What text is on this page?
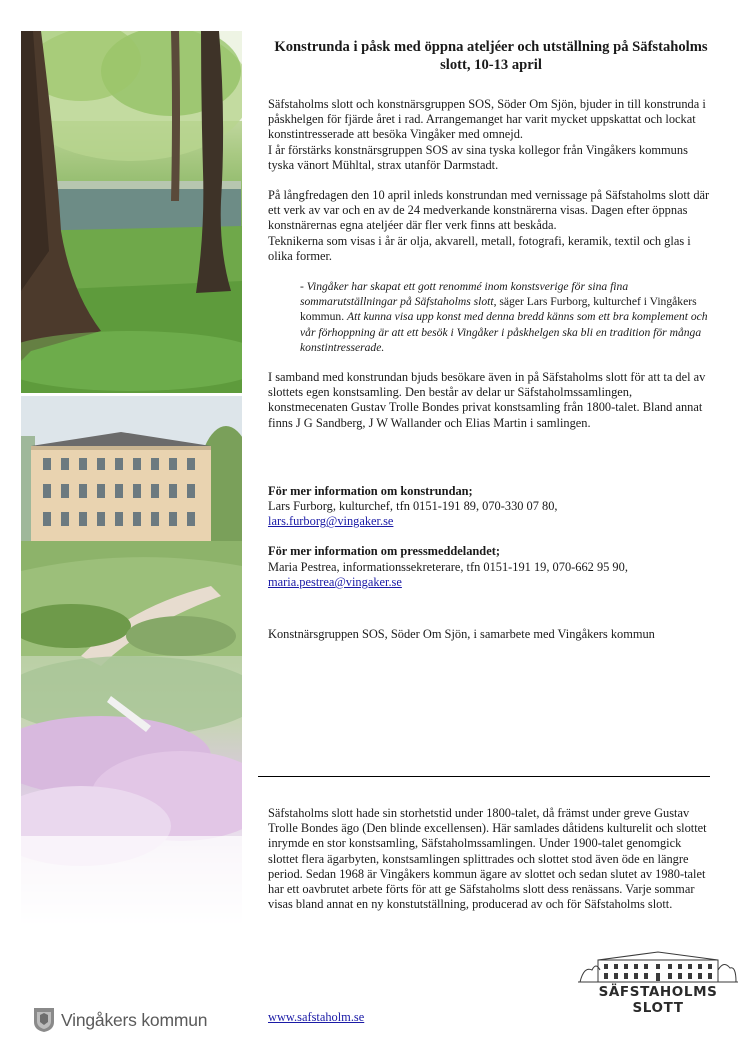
Konstrunda i påsk med öppna ateljéer och utställning på Säfstaholms slott, 10-13 april

Säfstaholms slott och konstnärsgruppen SOS, Söder Om Sjön, bjuder in till konstrunda i påskhelgen för fjärde året i rad. Arrangemanget har varit mycket uppskattat och lockat konstintresserade att besöka Vingåker med omnejd.

I år förstärks konstnärsgruppen SOS av sina tyska kollegor från Vingåkers kommuns tyska vänort Mühltal, strax utanför Darmstadt.

På långfredagen den 10 april inleds konstrundan med vernissage på Säfstaholms slott där ett verk av var och en av de 24 medverkande konstnärerna visas. Dagen efter öppnas konstnärernas egna ateljéer där fler verk finns att beskåda.

Teknikerna som visas i år är olja, akvarell, metall, fotografi, keramik, textil och glas i olika former.

- Vingåker har skapat ett gott renommé inom konstsverige för sina fina sommarutställningar på Säfstaholms slott, säger Lars Furborg, kulturchef i Vingåkers kommun. Att kunna visa upp konst med denna bredd känns som ett bra komplement och vår förhoppning är att ett besök i Vingåker i påskhelgen ska bli en tradition för många konstintresserade.

I samband med konstrundan bjuds besökare även in på Säfstaholms slott för att ta del av slottets egen konstsamling. Den består av delar ur Säfstaholmssamlingen, konstmecenaten Gustav Trolle Bondes privat konstsamling från 1800-talet. Bland annat finns J G Sandberg, J W Wallander och Elias Martin i samlingen.

För mer information om konstrundan;

Lars Furborg, kulturchef, tfn 0151-191 89, 070-330 07 80,

lars.furborg@vingaker.se

För mer information om pressmeddelandet;

Maria Pestrea, informationssekreterare, tfn 0151-191 19, 070-662 95 90,

maria.pestrea@vingaker.se

Konstnärsgruppen SOS, Söder Om Sjön, i samarbete med Vingåkers kommun

Säfstaholms slott hade sin storhetstid under 1800-talet, då främst under greve Gustav Trolle Bondes ägo (Den blinde excellensen). Här samlades dåtidens kulturelit och slottet inrymde en stor konstsamling, Säfstaholmssamlingen. Under 1900-talet genomgick slottet flera ägarbyten, konstsamlingen splittrades och slottet stod även öde en längre period. Sedan 1968 är Vingåkers kommun ägare av slottet och sedan slutet av 1980-talet har ett oavbrutet arbete förts för att ge Säfstaholms slott dess renässans. Varje sommar visas bland annat en ny konstutställning, producerad av och för Säfstaholms slott.

www.safstaholm.se
Vingåkers kommun
SÄFSTAHOLMS SLOTT
